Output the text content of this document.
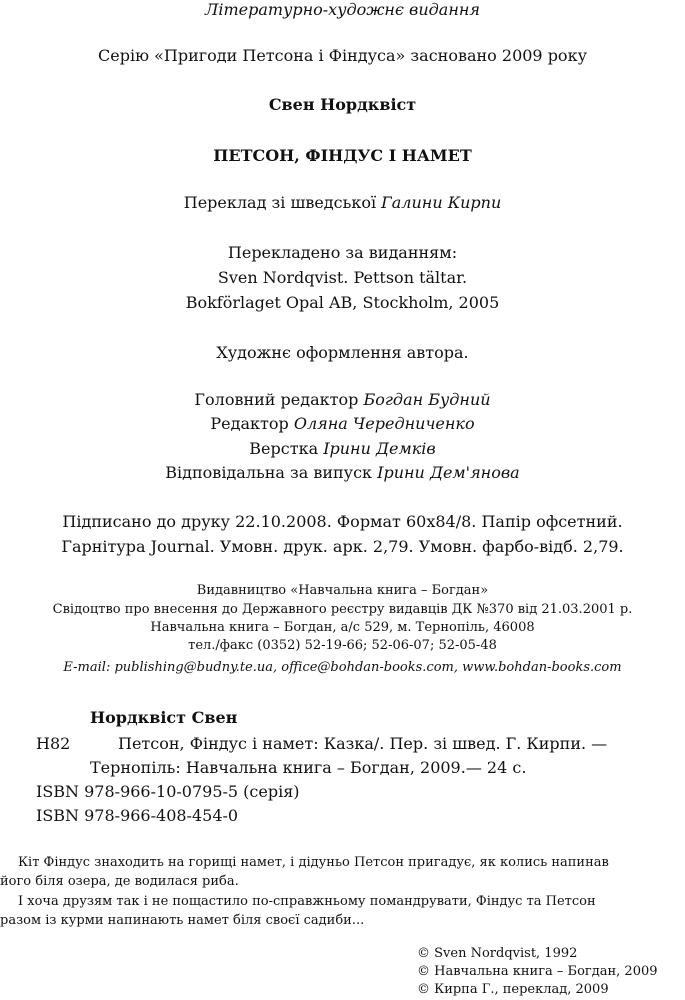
Літературно-художнє видання
Серію «Пригоди Петсона і Фіндуса» засновано 2009 року
Свен Нордквіст
ПЕТСОН, ФІНДУС І НАМЕТ
Переклад зі шведської Галини Кирпи
Перекладено за виданням:
Sven Nordqvist. Pettson tältar.
Bokförlaget Opal AB, Stockholm, 2005
Художнє оформлення автора.
Головний редактор Богдан Будний
Редактор Оляна Чередниченко
Верстка Ірини Демків
Відповідальна за випуск Ірини Дем'янова
Підписано до друку 22.10.2008. Формат 60х84/8. Папір офсетний.
Гарнітура Journal. Умовн. друк. арк. 2,79. Умовн. фарбо-відб. 2,79.
Видавництво «Навчальна книга – Богдан»
Свідоцтво про внесення до Державного реєстру видавців ДК №370 від 21.03.2001 р.
Навчальна книга – Богдан, а/с 529, м. Тернопіль, 46008
тел./факс (0352) 52-19-66; 52-06-07; 52-05-48
E-mail: publishing@budny.te.ua, office@bohdan-books.com, www.bohdan-books.com
Нордквіст Свен
Н82	Петсон, Фіндус і намет: Казка/. Пер. зі швед. Г. Кирпи. —
Тернопіль: Навчальна книга – Богдан, 2009.— 24 с.
ISBN 978-966-10-0795-5 (серія)
ISBN 978-966-408-454-0
Кіт Фіндус знаходить на горищі намет, і дідуньо Петсон пригадує, як колись напинав
його біля озера, де водилася риба.
І хоча друзям так і не пощастило по-справжньому помандрувати, Фіндус та Петсон
разом із курми напинають намет біля своєї садиби...
© Sven Nordqvist, 1992
© Навчальна книга – Богдан, 2009
© Кирпа Г., переклад, 2009
